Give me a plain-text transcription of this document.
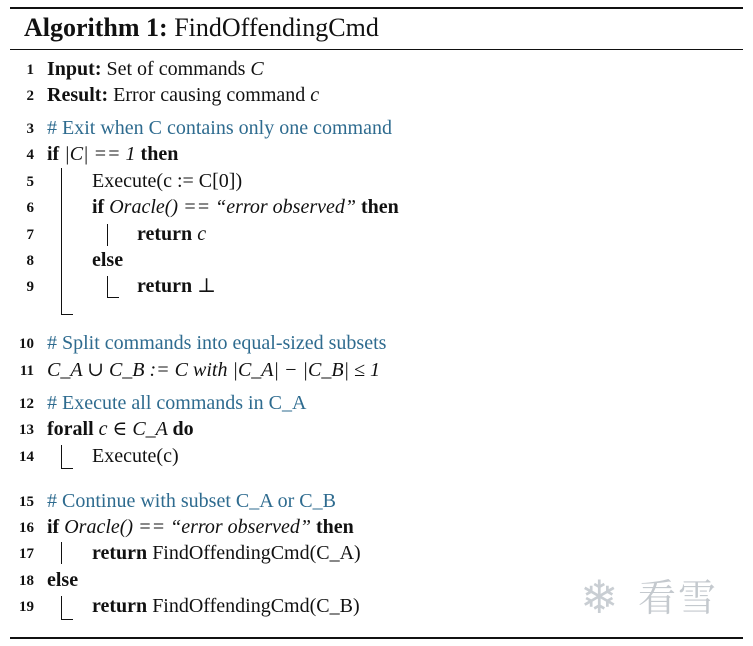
Algorithm 1: FindOffendingCmd
1
2
3
4
5
6
7
8
9
10
11
12
13
14
15
16
17
18
19
Input: Set of commands C
Result: Error causing command c
# Exit when C contains only one command
if |C| == 1 then
Execute(c := C[0])
if Oracle() == “error observed” then
return c
else
return ⊥
# Split commands into equal-sized subsets
C_A ∪ C_B := C with |C_A| − |C_B| ≤ 1
# Execute all commands in C_A
forall c ∈ C_A do
Execute(c)
# Continue with subset C_A or C_B
if Oracle() == “error observed” then
return FindOffendingCmd(C_A)
else
return FindOffendingCmd(C_B)	❄ 看雪
